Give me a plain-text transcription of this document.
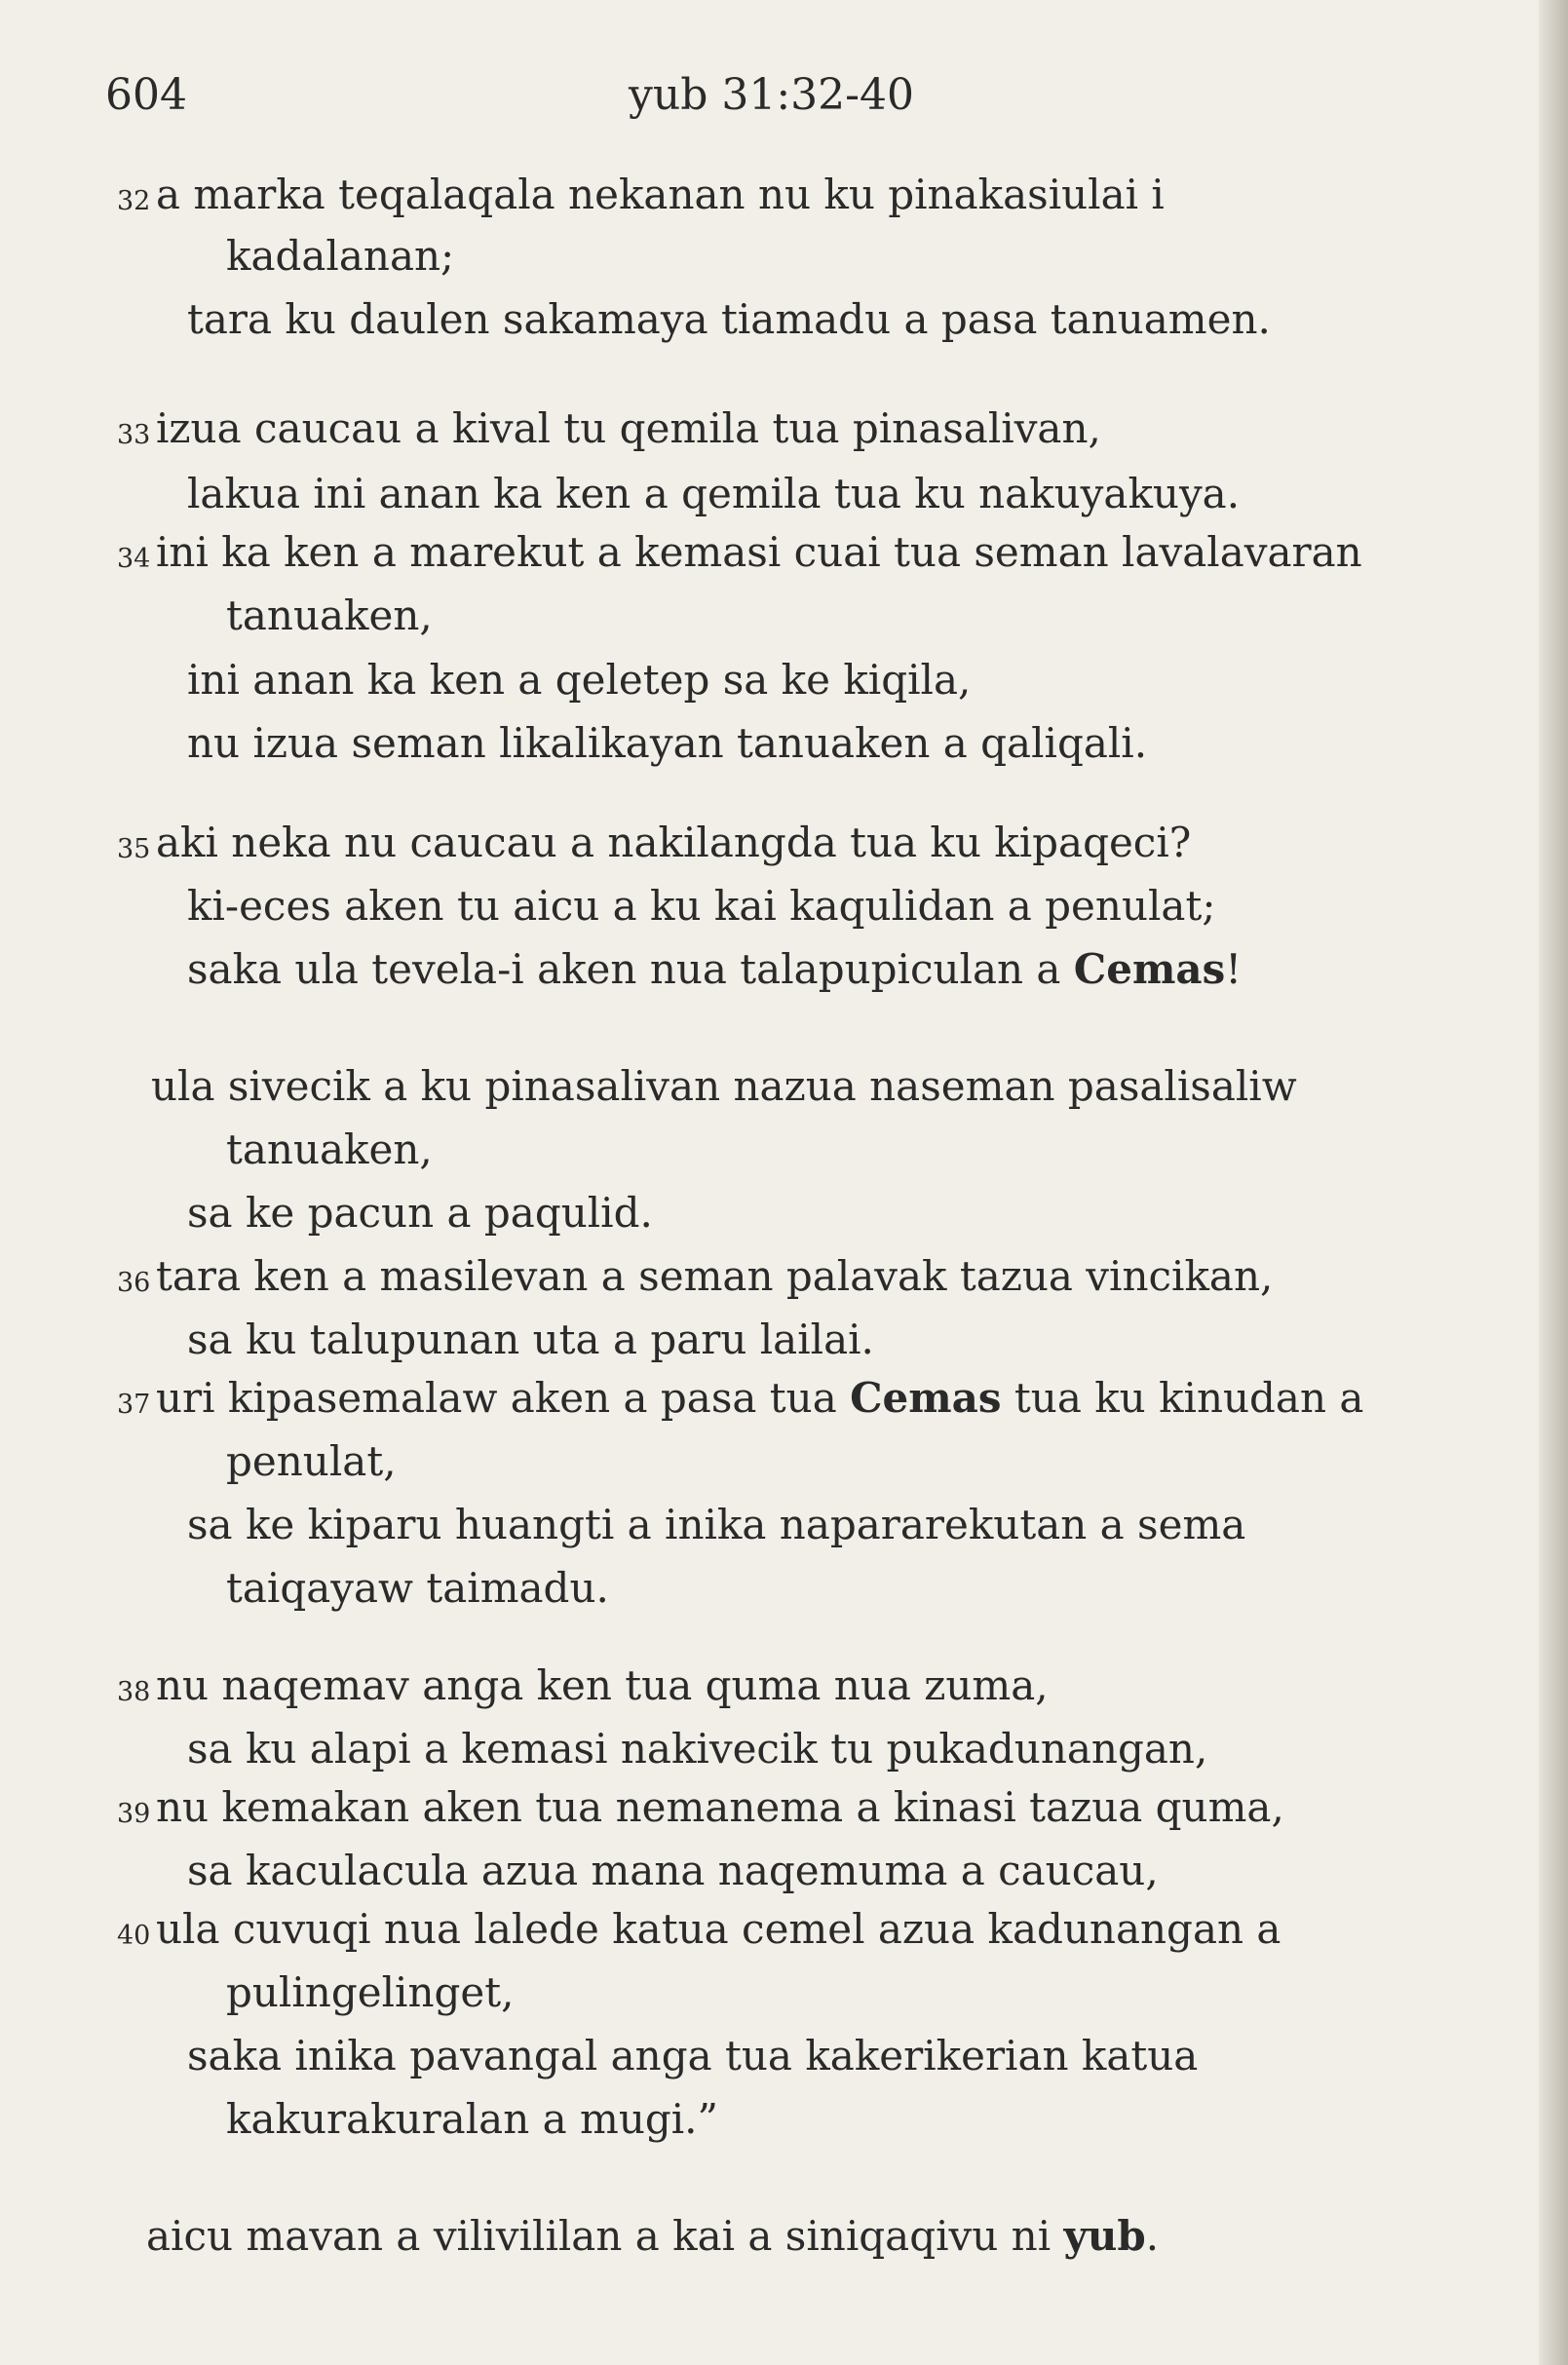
604	yub 31:32-40
32 a marka teqalaqala nekanan nu ku pinakasiulai i
kadalanan;
tara ku daulen sakamaya tiamadu a pasa tanuamen.
33 izua caucau a kival tu qemila tua pinasalivan,
lakua ini anan ka ken a qemila tua ku nakuyakuya.
34 ini ka ken a marekut a kemasi cuai tua seman lavalavaran
tanuaken,
ini anan ka ken a qeletep sa ke kiqila,
nu izua seman likalikayan tanuaken a qaliqali.
35 aki neka nu caucau a nakilangda tua ku kipaqeci?
ki-eces aken tu aicu a ku kai kaqulidan a penulat;
saka ula tevela-i aken nua talapupiculan a Cemas!
ula sivecik a ku pinasalivan nazua naseman pasalisaliw
tanuaken,
sa ke pacun a paqulid.
36 tara ken a masilevan a seman palavak tazua vincikan,
sa ku talupunan uta a paru lailai.
37 uri kipasemalaw aken a pasa tua Cemas tua ku kinudan a
penulat,
sa ke kiparu huangti a inika napararekutan a sema
taiqayaw taimadu.
38 nu naqemav anga ken tua quma nua zuma,
sa ku alapi a kemasi nakivecik tu pukadunangan,
39 nu kemakan aken tua nemanema a kinasi tazua quma,
sa kaculacula azua mana naqemuma a caucau,
40 ula cuvuqi nua lalede katua cemel azua kadunangan a
pulingelinget,
saka inika pavangal anga tua kakerikerian katua
kakurakuralan a mugi.”
aicu mavan a vilivililan a kai a siniqaqivu ni yub.
